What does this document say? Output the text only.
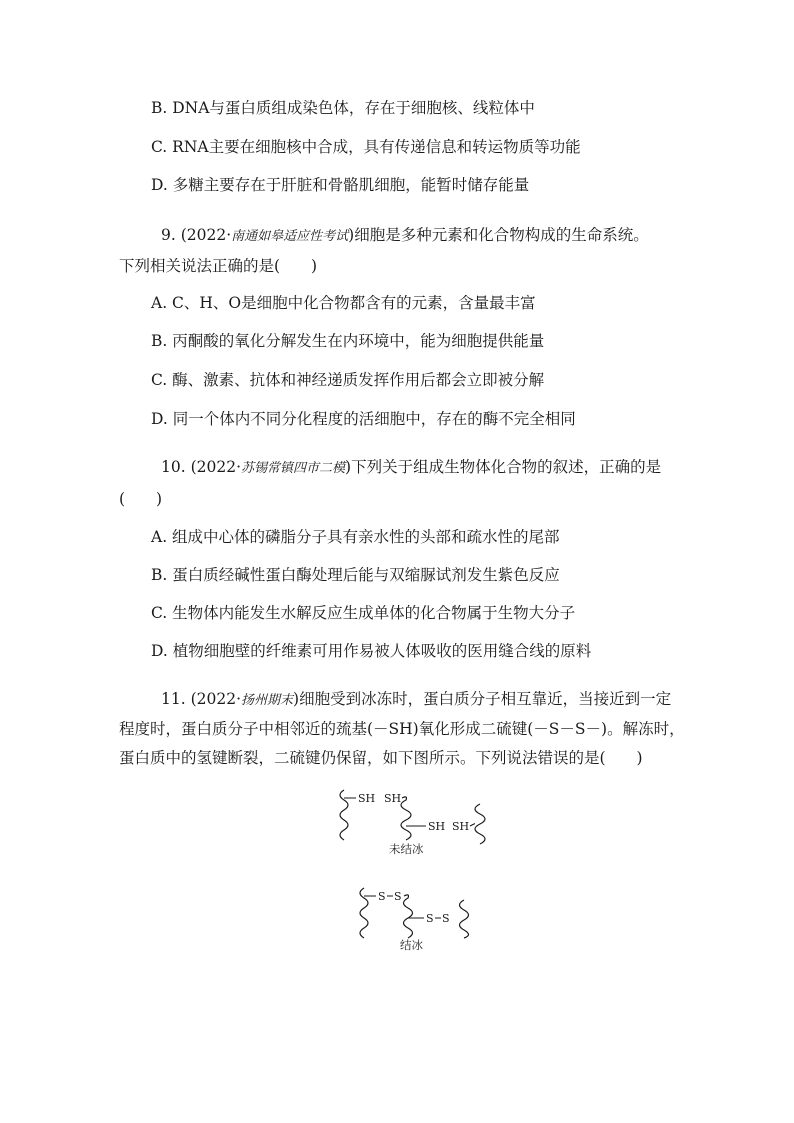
B. DNA与蛋白质组成染色体，存在于细胞核、线粒体中
C. RNA主要在细胞核中合成，具有传递信息和转运物质等功能
D. 多糖主要存在于肝脏和骨骼肌细胞，能暂时储存能量
9. (2022·南通如皋适应性考试)细胞是多种元素和化合物构成的生命系统。
下列相关说法正确的是(　　)
A. C、H、O是细胞中化合物都含有的元素，含量最丰富
B. 丙酮酸的氧化分解发生在内环境中，能为细胞提供能量
C. 酶、激素、抗体和神经递质发挥作用后都会立即被分解
D. 同一个体内不同分化程度的活细胞中，存在的酶不完全相同
10. (2022·苏锡常镇四市二模)下列关于组成生物体化合物的叙述，正确的是
(　　)
A. 组成中心体的磷脂分子具有亲水性的头部和疏水性的尾部
B. 蛋白质经碱性蛋白酶处理后能与双缩脲试剂发生紫色反应
C. 生物体内能发生水解反应生成单体的化合物属于生物大分子
D. 植物细胞壁的纤维素可用作易被人体吸收的医用缝合线的原料
11. (2022·扬州期末)细胞受到冰冻时，蛋白质分子相互靠近，当接近到一定
程度时，蛋白质分子中相邻近的巯基(－SH)氧化形成二硫键(－S－S－)。解冻时，
蛋白质中的氢键断裂，二硫键仍保留，如下图所示。下列说法错误的是(　　)
SH SH
SH SH
未结冰
S S
S S
结冰
